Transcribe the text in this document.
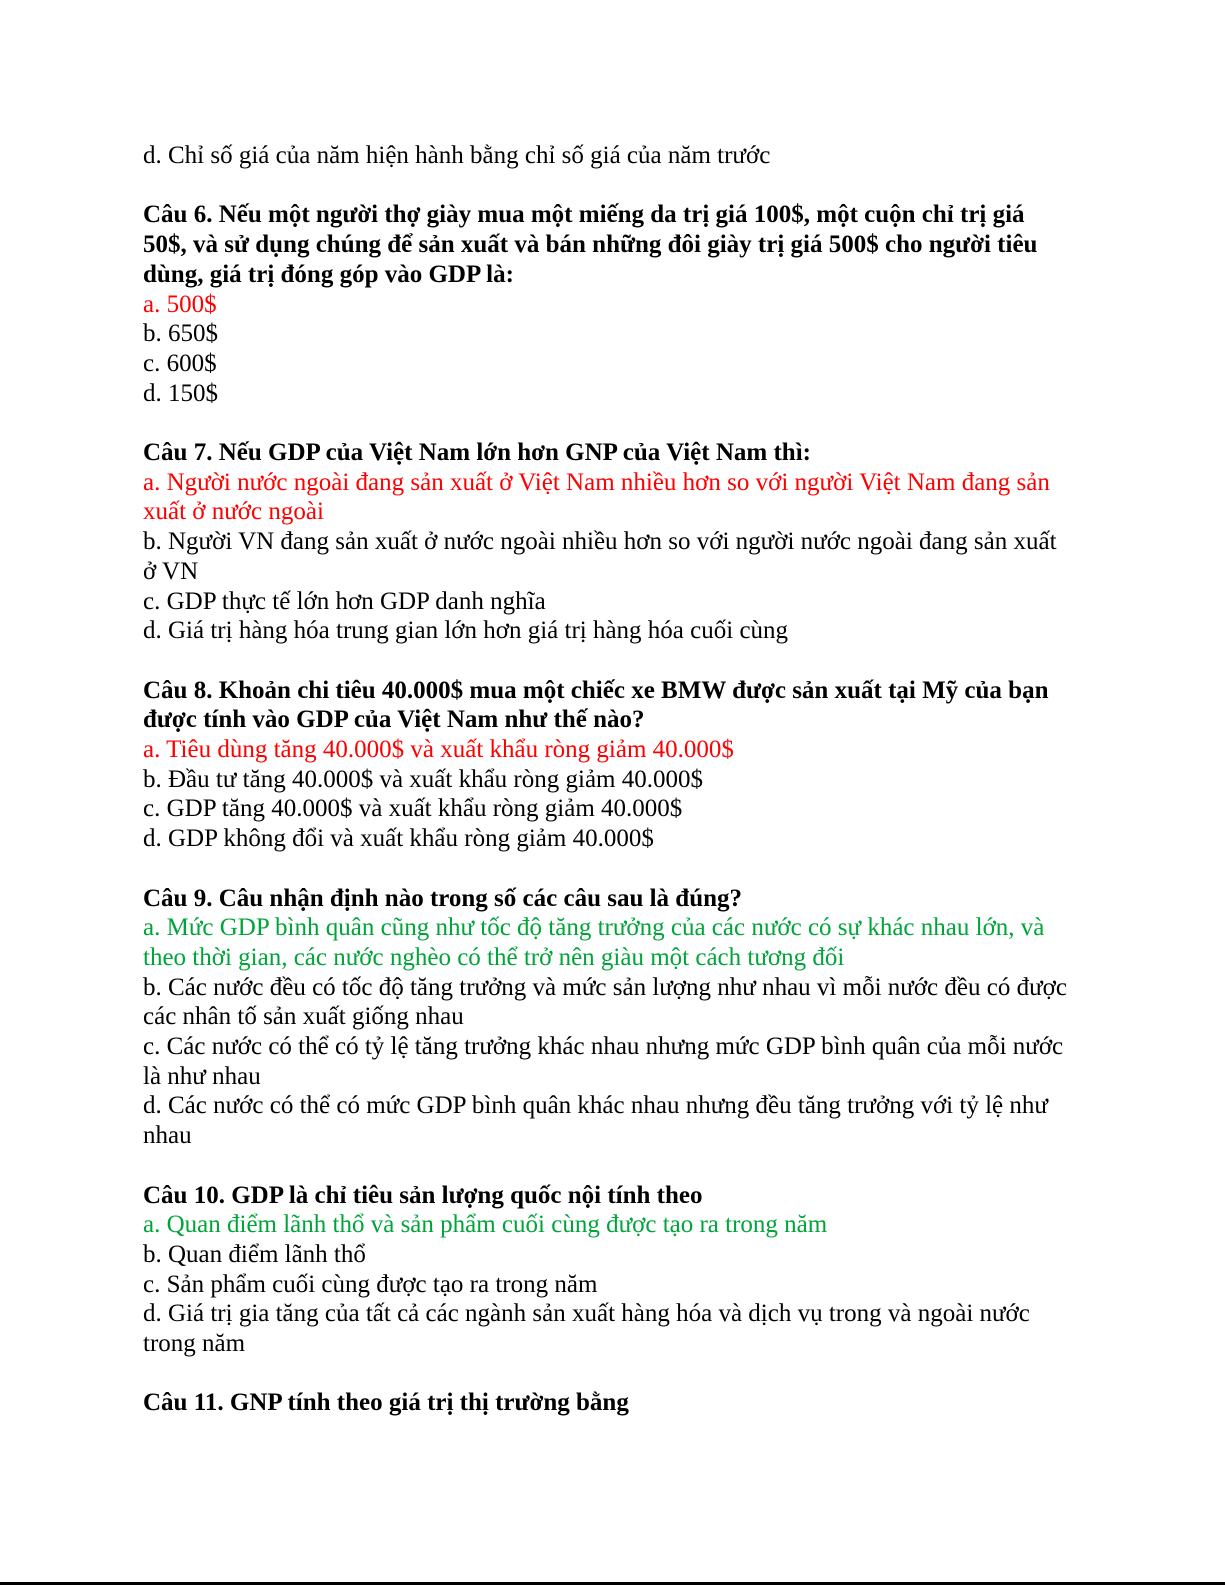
d. Chỉ số giá của năm hiện hành bằng chỉ số giá của năm trước

Câu 6. Nếu một người thợ giày mua một miếng da trị giá 100$, một cuộn chỉ trị giá 50$, và sử dụng chúng để sản xuất và bán những đôi giày trị giá 500$ cho người tiêu dùng, giá trị đóng góp vào GDP là:

a. 500$

b. 650$

c. 600$

d. 150$

Câu 7. Nếu GDP của Việt Nam lớn hơn GNP của Việt Nam thì:

a. Người nước ngoài đang sản xuất ở Việt Nam nhiều hơn so với người Việt Nam đang sản xuất ở nước ngoài

b. Người VN đang sản xuất ở nước ngoài nhiều hơn so với người nước ngoài đang sản xuất ở VN

c. GDP thực tế lớn hơn GDP danh nghĩa

d. Giá trị hàng hóa trung gian lớn hơn giá trị hàng hóa cuối cùng

Câu 8. Khoản chi tiêu 40.000$ mua một chiếc xe BMW được sản xuất tại Mỹ của bạn được tính vào GDP của Việt Nam như thế nào?

a. Tiêu dùng tăng 40.000$ và xuất khẩu ròng giảm 40.000$

b. Đầu tư tăng 40.000$ và xuất khẩu ròng giảm 40.000$

c. GDP tăng 40.000$ và xuất khẩu ròng giảm 40.000$

d. GDP không đổi và xuất khẩu ròng giảm 40.000$

Câu 9. Câu nhận định nào trong số các câu sau là đúng?

a. Mức GDP bình quân cũng như tốc độ tăng trưởng của các nước có sự khác nhau lớn, và theo thời gian, các nước nghèo có thể trở nên giàu một cách tương đối

b. Các nước đều có tốc độ tăng trưởng và mức sản lượng như nhau vì mỗi nước đều có được các nhân tố sản xuất giống nhau

c. Các nước có thể có tỷ lệ tăng trưởng khác nhau nhưng mức GDP bình quân của mỗi nước là như nhau

d. Các nước có thể có mức GDP bình quân khác nhau nhưng đều tăng trưởng với tỷ lệ như nhau

Câu 10. GDP là chỉ tiêu sản lượng quốc nội tính theo

a. Quan điểm lãnh thổ và sản phẩm cuối cùng được tạo ra trong năm

b. Quan điểm lãnh thổ

c. Sản phẩm cuối cùng được tạo ra trong năm

d. Giá trị gia tăng của tất cả các ngành sản xuất hàng hóa và dịch vụ trong và ngoài nước trong năm

Câu 11. GNP tính theo giá trị thị trường bằng
